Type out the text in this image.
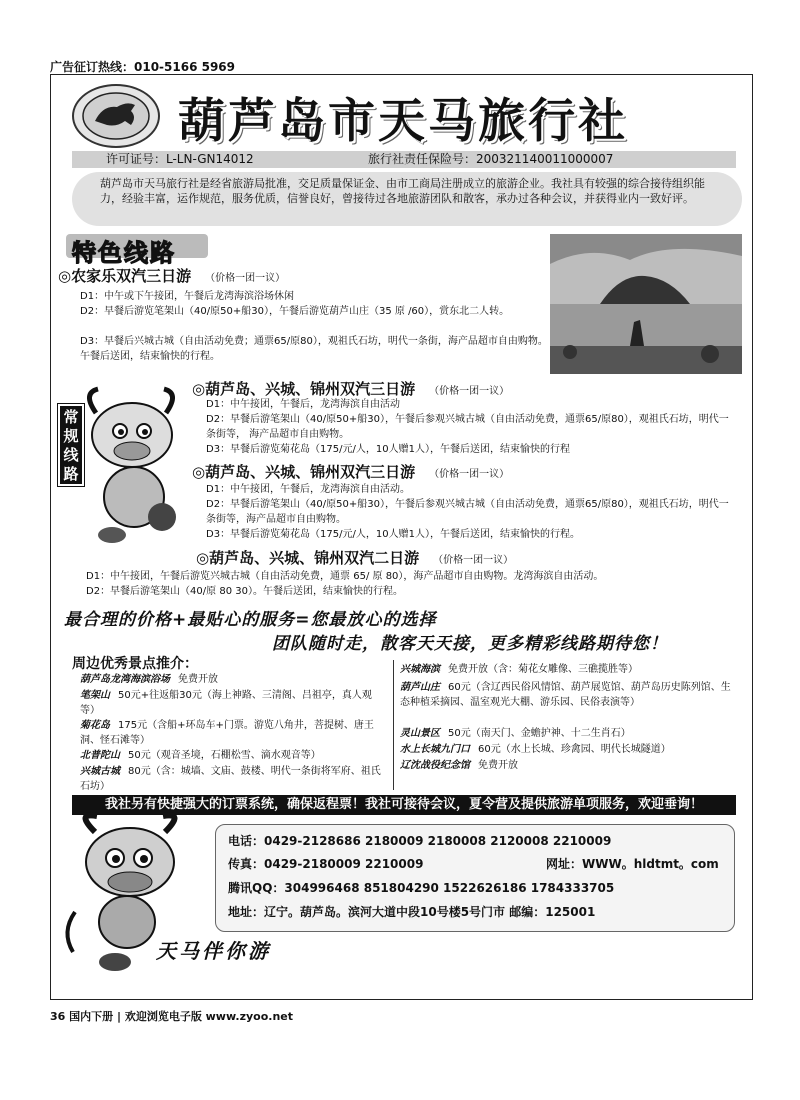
广告征订热线：010-5166 5969
葫芦岛市天马旅行社
许可证号：L-LN-GN14012	旅行社责任保险号：200321140011000007
葫芦岛市天马旅行社是经省旅游局批准，交足质量保证金、由市工商局注册成立的旅游企业。我社具有较强的综合接待组织能力，经验丰富，运作规范，服务优质，信誉良好，曾接待过各地旅游团队和散客，承办过各种会议，并获得业内一致好评。
特色线路
◎农家乐双汽三日游 （价格一团一议）
D1：中午或下午接团，午餐后龙湾海滨浴场休闲
D2：早餐后游览笔架山（40/原50+船30），午餐后游览葫芦山庄（35 原 /60），赏东北二人转。
D3：早餐后兴城古城（自由活动免费；通票65/原80），观祖氏石坊，明代一条街，海产品超市自由购物。午餐后送团，结束愉快的行程。
常规线路
◎葫芦岛、兴城、锦州双汽三日游 （价格一团一议）
D1：中午接团，午餐后，龙湾海滨自由活动
D2：早餐后游笔架山（40/原50+船30），午餐后参观兴城古城（自由活动免费，通票65/原80），观祖氏石坊，明代一条街等， 海产品超市自由购物。
D3：早餐后游览菊花岛（175/元/人，10人赠1人），午餐后送团，结束愉快的行程
◎葫芦岛、兴城、锦州双汽三日游 （价格一团一议）
D1：中午接团，午餐后，龙湾海滨自由活动。
D2：早餐后游笔架山（40/原50+船30），午餐后参观兴城古城（自由活动免费，通票65/原80），观祖氏石坊，明代一条街等，海产品超市自由购物。
D3：早餐后游览菊花岛（175/元/人，10人赠1人），午餐后送团，结束愉快的行程。
◎葫芦岛、兴城、锦州双汽二日游 （价格一团一议）
D1：中午接团，午餐后游览兴城古城（自由活动免费，通票 65/ 原 80），海产品超市自由购物。龙湾海滨自由活动。
D2：早餐后游笔架山（40/原 80 30）。午餐后送团，结束愉快的行程。
最合理的价格+最贴心的服务=您最放心的选择
团队随时走，散客天天接，更多精彩线路期待您！
周边优秀景点推介：
葫芦岛龙湾海滨浴场 免费开放
笔架山 50元+往返船30元（海上神路、三清阁、吕祖亭，真人观等）
菊花岛 175元（含船+环岛车+门票。游览八角井，菩提树、唐王洞、怪石滩等）
北普陀山 50元（观音圣境，石棚松雪、滴水观音等）
兴城古城 80元（含：城墙、文庙、鼓楼、明代一条街将军府、祖氏石坊）
兴城海滨 免费开放（含：菊花女雕像、三礁揽胜等）
葫芦山庄 60元（含辽西民俗风情馆、葫芦展览馆、葫芦岛历史陈列馆、生态种植采摘园、温室观光大棚、游乐园、民俗表演等）
灵山景区 50元（南天门、金蟾护神、十二生肖石）
水上长城九门口 60元（水上长城、珍禽园、明代长城隧道）
辽沈战役纪念馆 免费开放
我社另有快捷强大的订票系统，确保返程票！我社可接待会议，夏令营及提供旅游单项服务，欢迎垂询！
电话：0429-2128686 2180009 2180008 2120008 2210009
传真：0429-2180009 2210009	网址：WWW。hldtmt。com
腾讯QQ：304996468 851804290 1522626186 1784333705
地址：辽宁。葫芦岛。滨河大道中段10号楼5号门市 邮编：125001
天马伴你游
36 国内下册 | 欢迎浏览电子版 www.zyoo.net
